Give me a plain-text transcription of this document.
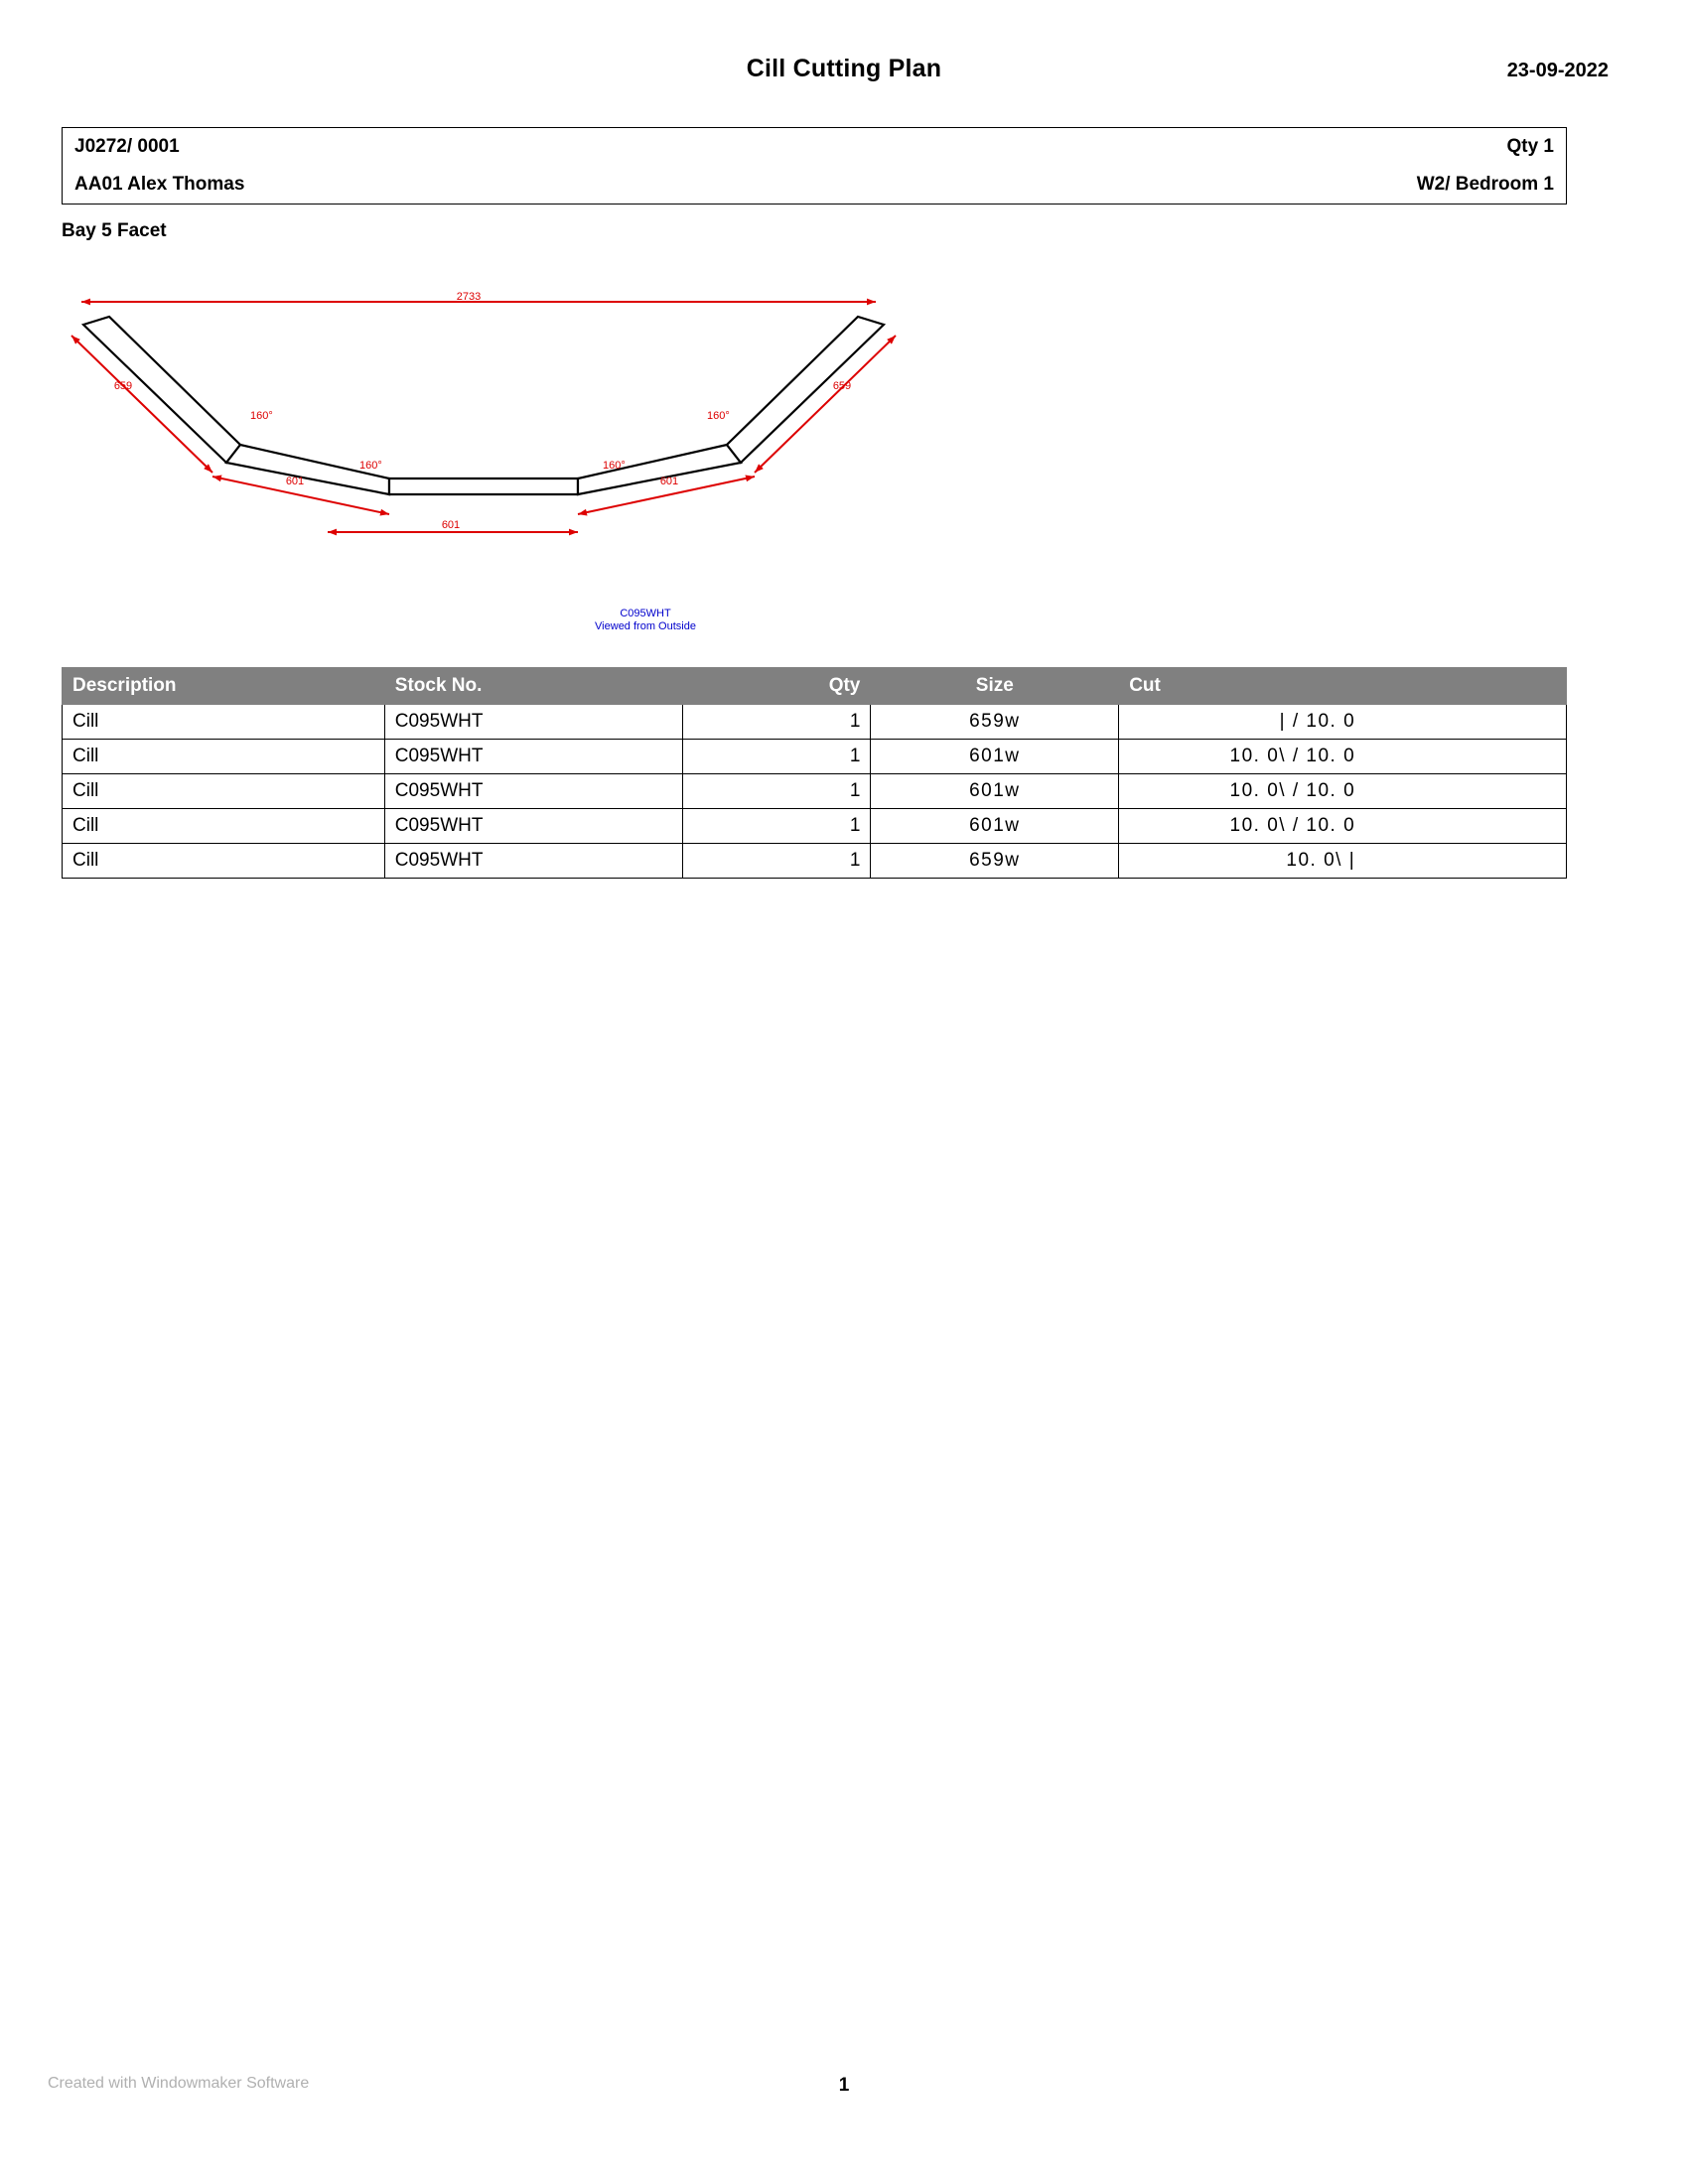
Cill Cutting Plan	23-09-2022
J0272/ 0001	Qty 1
AA01 Alex Thomas	W2/ Bedroom 1
Bay 5 Facet
2733
160°
160°	160°
160°
659
601
601
601
659
C095WHT
Viewed from Outside
Description	Stock No.	Qty	Size	Cut
Cill	C095WHT	1	659w	| / 10. 0
Cill	C095WHT	1	601w	10. 0\ / 10. 0
Cill	C095WHT	1	601w	10. 0\ / 10. 0
Cill	C095WHT	1	601w	10. 0\ / 10. 0
Cill	C095WHT	1	659w	10. 0\ |
Created with Windowmaker Software	1
